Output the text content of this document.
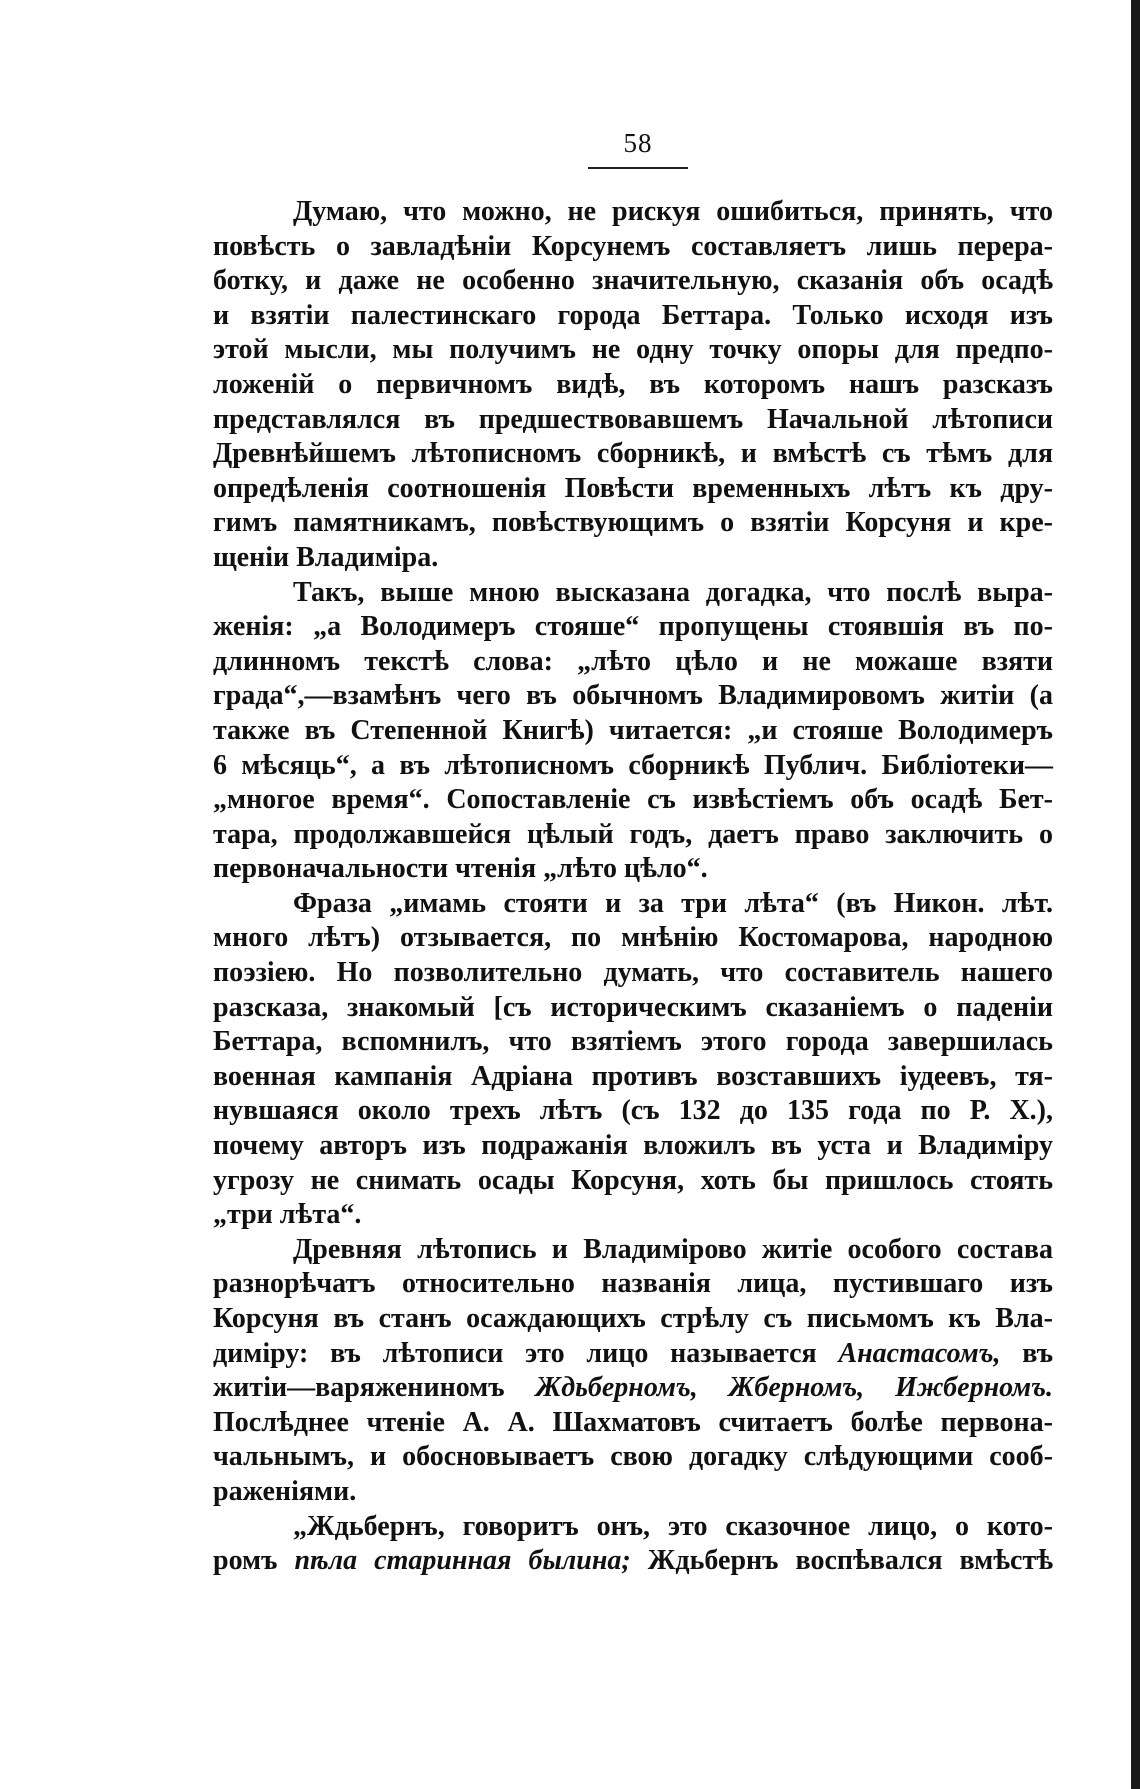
58
Думаю, что можно, не рискуя ошибиться, принять, что
повѣсть о завладѣніи Корсунемъ составляетъ лишь перера-
ботку, и даже не особенно значительную, сказанія объ осадѣ
и взятіи палестинскаго города Беттара. Только исходя изъ
этой мысли, мы получимъ не одну точку опоры для предпо-
ложеній о первичномъ видѣ, въ которомъ нашъ разсказъ
представлялся въ предшествовавшемъ Начальной лѣтописи
Древнѣйшемъ лѣтописномъ сборникѣ, и вмѣстѣ съ тѣмъ для
опредѣленія соотношенія Повѣсти временныхъ лѣтъ къ дру-
гимъ памятникамъ, повѣствующимъ о взятіи Корсуня и кре-
щеніи Владиміра.
Такъ, выше мною высказана догадка, что послѣ выра-
женія: „а Володимеръ стояше“ пропущены стоявшія въ по-
длинномъ текстѣ слова: „лѣто цѣло и не можаше взяти
града“,—взамѣнъ чего въ обычномъ Владимировомъ житіи (а
также въ Степенной Книгѣ) читается: „и стояше Володимеръ
6 мѣсяць“, а въ лѣтописномъ сборникѣ Публич. Библіотеки—
„многое время“. Сопоставленіе съ извѣстіемъ объ осадѣ Бет-
тара, продолжавшейся цѣлый годъ, даетъ право заключить о
первоначальности чтенія „лѣто цѣло“.
Фраза „имамь стояти и за три лѣта“ (въ Никон. лѣт.
много лѣтъ) отзывается, по мнѣнію Костомарова, народною
поэзіею. Но позволительно думать, что составитель нашего
разсказа, знакомый [съ историческимъ сказаніемъ о паденіи
Беттара, вспомнилъ, что взятіемъ этого города завершилась
военная кампанія Адріана противъ возставшихъ іудеевъ, тя-
нувшаяся около трехъ лѣтъ (съ 132 до 135 года по Р. Х.),
почему авторъ изъ подражанія вложилъ въ уста и Владиміру
угрозу не снимать осады Корсуня, хоть бы пришлось стоять
„три лѣта“.
Древняя лѣтопись и Владимірово житіе особого состава
разнорѣчатъ относительно названія лица, пустившаго изъ
Корсуня въ станъ осаждающихъ стрѣлу съ письмомъ къ Вла-
диміру: въ лѣтописи это лицо называется Анастасомъ, въ
житіи—варяжениномъ Ждьберномъ, Жберномъ, Ижберномъ.
Послѣднее чтеніе А. А. Шахматовъ считаетъ болѣе первона-
чальнымъ, и обосновываетъ свою догадку слѣдующими сооб-
раженіями.
„Ждьбернъ, говоритъ онъ, это сказочное лицо, о кото-
ромъ пѣла старинная былина; Ждьбернъ воспѣвался вмѣстѣ
